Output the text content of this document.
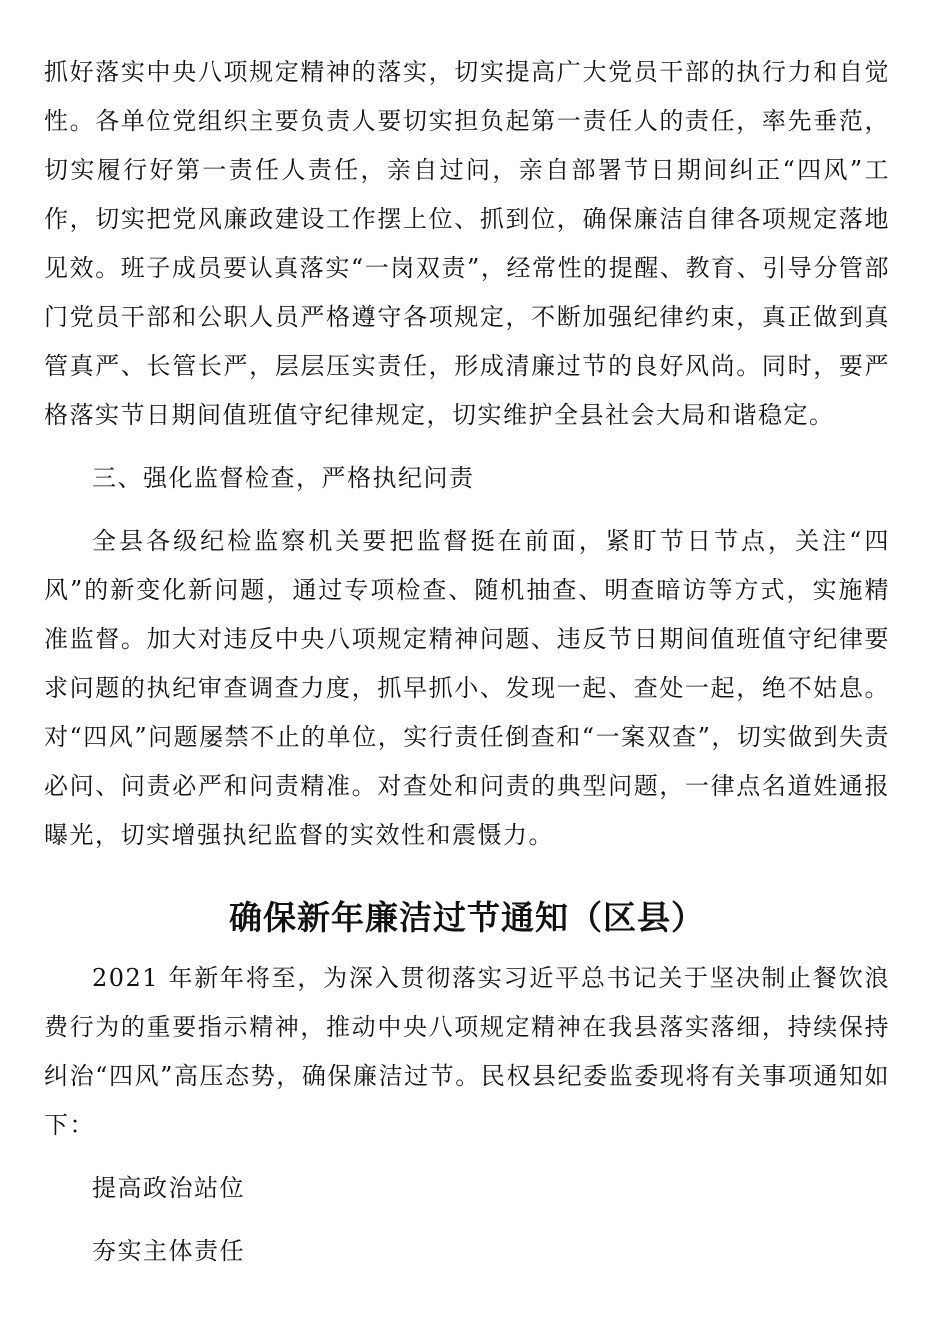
抓好落实中央八项规定精神的落实，切实提高广大党员干部的执行力和自觉性。各单位党组织主要负责人要切实担负起第一责任人的责任，率先垂范，切实履行好第一责任人责任，亲自过问，亲自部署节日期间纠正“四风”工作，切实把党风廉政建设工作摆上位、抓到位，确保廉洁自律各项规定落地见效。班子成员要认真落实“一岗双责”，经常性的提醒、教育、引导分管部门党员干部和公职人员严格遵守各项规定，不断加强纪律约束，真正做到真管真严、长管长严，层层压实责任，形成清廉过节的良好风尚。同时，要严格落实节日期间值班值守纪律规定，切实维护全县社会大局和谐稳定。

三、强化监督检查，严格执纪问责

全县各级纪检监察机关要把监督挺在前面，紧盯节日节点，关注“四风”的新变化新问题，通过专项检查、随机抽查、明查暗访等方式，实施精准监督。加大对违反中央八项规定精神问题、违反节日期间值班值守纪律要求问题的执纪审查调查力度，抓早抓小、发现一起、查处一起，绝不姑息。对“四风”问题屡禁不止的单位，实行责任倒查和“一案双查”，切实做到失责必问、问责必严和问责精准。对查处和问责的典型问题，一律点名道姓通报曝光，切实增强执纪监督的实效性和震慑力。

确保新年廉洁过节通知（区县）

2021 年新年将至，为深入贯彻落实习近平总书记关于坚决制止餐饮浪费行为的重要指示精神，推动中央八项规定精神在我县落实落细，持续保持纠治“四风”高压态势，确保廉洁过节。民权县纪委监委现将有关事项通知如下：

提高政治站位

夯实主体责任
